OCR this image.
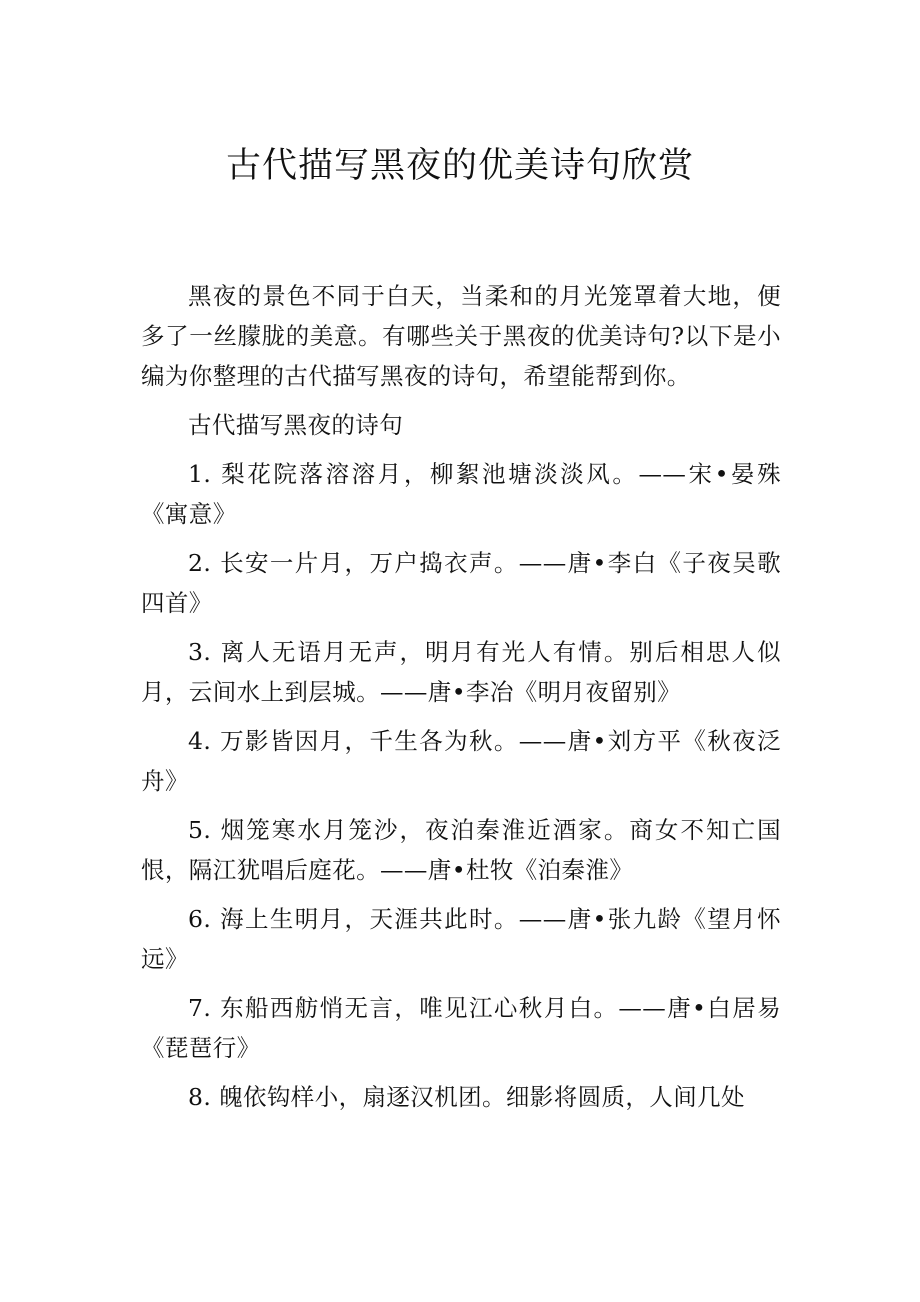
古代描写黑夜的优美诗句欣赏

黑夜的景色不同于白天，当柔和的月光笼罩着大地，便多了一丝朦胧的美意。有哪些关于黑夜的优美诗句?以下是小编为你整理的古代描写黑夜的诗句，希望能帮到你。

古代描写黑夜的诗句

1. 梨花院落溶溶月，柳絮池塘淡淡风。——宋•晏殊《寓意》

2. 长安一片月，万户捣衣声。——唐•李白《子夜吴歌四首》

3. 离人无语月无声，明月有光人有情。别后相思人似月，云间水上到层城。——唐•李冶《明月夜留别》

4. 万影皆因月，千生各为秋。——唐•刘方平《秋夜泛舟》

5. 烟笼寒水月笼沙，夜泊秦淮近酒家。商女不知亡国恨，隔江犹唱后庭花。——唐•杜牧《泊秦淮》

6. 海上生明月，天涯共此时。——唐•张九龄《望月怀远》

7. 东船西舫悄无言，唯见江心秋月白。——唐•白居易《琵琶行》

8. 魄依钩样小，扇逐汉机团。细影将圆质，人间几处
